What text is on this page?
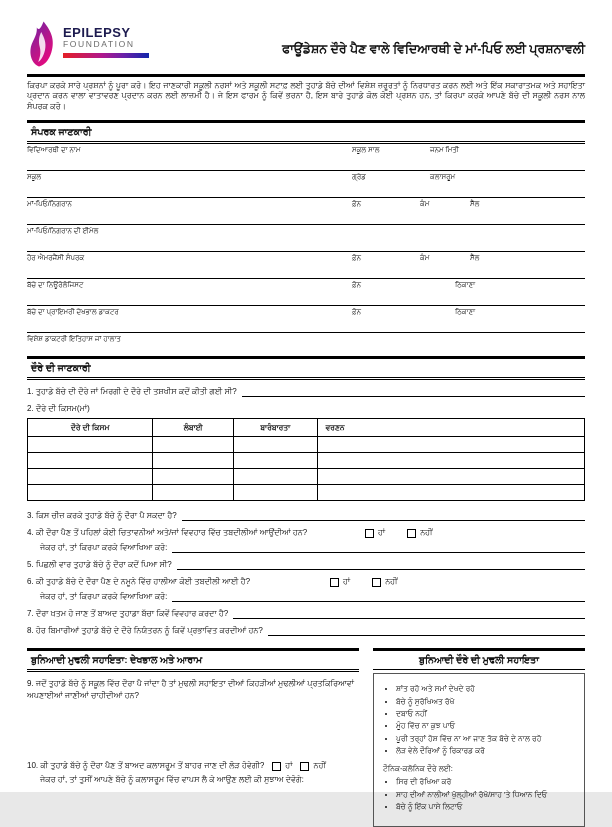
EPILEPSY
FOUNDATION	ਫਾਊਂਡੇਸ਼ਨ ਦੌਰੇ ਪੈਣ ਵਾਲੇ ਵਿਦਿਆਰਥੀ ਦੇ ਮਾਂ-ਪਿਓ ਲਈ ਪ੍ਰਸ਼ਨਾਵਲੀ

ਕਿਰਪਾ ਕਰਕੇ ਸਾਰੇ ਪ੍ਰਸ਼ਨਾਂ ਨੂੰ ਪੂਰਾ ਕਰੋ। ਇਹ ਜਾਣਕਾਰੀ ਸਕੂਲੀ ਨਰਸਾਂ ਅਤੇ ਸਕੂਲੀ ਸਟਾਫ਼ ਲਈ ਤੁਹਾਡੇ ਬੱਚੇ ਦੀਆਂ ਵਿਸ਼ੇਸ਼ ਜ਼ਰੂਰਤਾਂ ਨੂੰ ਨਿਰਧਾਰਤ ਕਰਨ ਲਈ ਅਤੇ ਇੱਕ ਸਕਾਰਾਤਮਕ ਅਤੇ ਸਹਾਇਤਾ ਪ੍ਰਦਾਨ ਕਰਨ ਵਾਲਾ ਵਾਤਾਵਰਣ ਪ੍ਰਦਾਨ ਕਰਨ ਲਈ ਲਾਜ਼ਮੀ ਹੈ। ਜੇ ਇਸ ਫਾਰਮ ਨੂੰ ਕਿਵੇਂ ਭਰਨਾ ਹੈ, ਇਸ ਬਾਰੇ ਤੁਹਾਡੇ ਕੋਲ ਕੋਈ ਪ੍ਰਸ਼ਨ ਹਨ, ਤਾਂ ਕਿਰਪਾ ਕਰਕੇ ਆਪਣੇ ਬੱਚੇ ਦੀ ਸਕੂਲੀ ਨਰਸ ਨਾਲ ਸੰਪਰਕ ਕਰੋ।

ਸੰਪਰਕ ਜਾਣਕਾਰੀ
ਵਿਦਿਆਰਥੀ ਦਾ ਨਾਮ	ਸਕੂਲ ਸਾਲ	ਜਨਮ ਮਿਤੀ
ਸਕੂਲ	ਗ੍ਰੇਡ	ਕਲਾਸਰੂਮ
ਮਾਂ-ਪਿਓ/ਨਿਗਰਾਨ	ਫ਼ੋਨ	ਕੰਮ	ਸੈੱਲ
ਮਾਂ-ਪਿਓ/ਨਿਗਰਾਨ ਦੀ ਈਮੇਲ
ਹੋਰ ਐਮਰਜੈਂਸੀ ਸੰਪਰਕ	ਫ਼ੋਨ	ਕੰਮ	ਸੈੱਲ
ਬੱਚੇ ਦਾ ਨਿਊਰੋਲੋਜਿਸਟ	ਫ਼ੋਨ	ਠਿਕਾਣਾ
ਬੱਚੇ ਦਾ ਪ੍ਰਾਇਮਰੀ ਦੇਖਭਾਲ ਡਾਕਟਰ	ਫ਼ੋਨ	ਠਿਕਾਣਾ
ਵਿਸ਼ੇਸ਼ ਡਾਕਟਰੀ ਇਤਿਹਾਸ ਜਾਂ ਹਾਲਾਤ
ਦੌਰੇ ਦੀ ਜਾਣਕਾਰੀ
1. ਤੁਹਾਡੇ ਬੱਚੇ ਦੀ ਦੌਰੇ ਜਾਂ ਮਿਰਗੀ ਦੇ ਦੌਰੇ ਦੀ ਤਸ਼ਖੀਸ ਕਦੋਂ ਕੀਤੀ ਗਈ ਸੀ?
2. ਦੌਰੇ ਦੀ ਕਿਸਮ(ਮਾਂ)
ਦੌਰੇ ਦੀ ਕਿਸਮ	ਲੰਬਾਈ	ਬਾਰੰਬਾਰਤਾ	ਵਰਣਨ

3. ਕਿਸ ਚੀਜ਼ ਕਰਕੇ ਤੁਹਾਡੇ ਬੱਚੇ ਨੂੰ ਦੌਰਾ ਪੈ ਸਕਦਾ ਹੈ?
4. ਕੀ ਦੌਰਾ ਪੈਣ ਤੋਂ ਪਹਿਲਾਂ ਕੋਈ ਚਿਤਾਵਨੀਆਂ ਅਤੇ/ਜਾਂ ਵਿਵਹਾਰ ਵਿੱਚ ਤਬਦੀਲੀਆਂ ਆਉਂਦੀਆਂ ਹਨ?	ਹਾਂ	ਨਹੀਂ
ਜੇਕਰ ਹਾਂ, ਤਾਂ ਕਿਰਪਾ ਕਰਕੇ ਵਿਆਖਿਆ ਕਰੋ:
5. ਪਿਛਲੀ ਵਾਰ ਤੁਹਾਡੇ ਬੱਚੇ ਨੂੰ ਦੌਰਾ ਕਦੋਂ ਪਿਆ ਸੀ?
6. ਕੀ ਤੁਹਾਡੇ ਬੱਚੇ ਦੇ ਦੌਰਾ ਪੈਣ ਦੇ ਨਮੂਨੇ ਵਿੱਚ ਹਾਲੀਆ ਕੋਈ ਤਬਦੀਲੀ ਆਈ ਹੈ?	ਹਾਂ	ਨਹੀਂ
ਜੇਕਰ ਹਾਂ, ਤਾਂ ਕਿਰਪਾ ਕਰਕੇ ਵਿਆਖਿਆ ਕਰੋ:
7. ਦੌਰਾ ਖ਼ਤਮ ਹੋ ਜਾਣ ਤੋਂ ਬਾਅਦ ਤੁਹਾਡਾ ਬੱਚਾ ਕਿਵੇਂ ਵਿਵਹਾਰ ਕਰਦਾ ਹੈ?
8. ਹੋਰ ਬਿਮਾਰੀਆਂ ਤੁਹਾਡੇ ਬੱਚੇ ਦੇ ਦੌਰੇ ਨਿਯੰਤਰਨ ਨੂੰ ਕਿਵੇਂ ਪ੍ਰਭਾਵਿਤ ਕਰਦੀਆਂ ਹਨ?
ਬੁਨਿਆਦੀ ਮੁਢਲੀ ਸਹਾਇਤਾ: ਦੇਖਭਾਲ ਅਤੇ ਆਰਾਮ
9. ਜਦੋਂ ਤੁਹਾਡੇ ਬੱਚੇ ਨੂੰ ਸਕੂਲ ਵਿੱਚ ਦੌਰਾ ਪੈ ਜਾਂਦਾ ਹੈ ਤਾਂ ਮੁਢਲੀ ਸਹਾਇਤਾ ਦੀਆਂ ਕਿਹੜੀਆਂ ਮੁਢਲੀਆਂ ਪ੍ਰਤਕਿਰਿਆਵਾਂ ਅਪਣਾਈਆਂ ਜਾਣੀਆਂ ਚਾਹੀਦੀਆਂ ਹਨ?
10. ਕੀ ਤੁਹਾਡੇ ਬੱਚੇ ਨੂੰ ਦੌਰਾ ਪੈਣ ਤੋਂ ਬਾਅਦ ਕਲਾਸਰੂਮ ਤੋਂ ਬਾਹਰ ਜਾਣ ਦੀ ਲੋੜ ਹੋਵੇਗੀ?	ਹਾਂ	ਨਹੀਂ
ਜੇਕਰ ਹਾਂ, ਤਾਂ ਤੁਸੀਂ ਆਪਣੇ ਬੱਚੇ ਨੂੰ ਕਲਾਸਰੂਮ ਵਿੱਚ ਵਾਪਸ ਲੈ ਕੇ ਆਉਣ ਲਈ ਕੀ ਸੁਝਾਅ ਦੇਵੋਗੇ:
ਬੁਨਿਆਦੀ ਦੌਰੇ ਦੀ ਮੁਢਲੀ ਸਹਾਇਤਾ
• ਸ਼ਾਂਤ ਰਹੋ ਅਤੇ ਸਮਾਂ ਦੇਖਦੇ ਰਹੋ
• ਬੱਚੇ ਨੂੰ ਸੁਰੱਖਿਅਤ ਰੱਖੋ
• ਦਬਾਓ ਨਹੀਂ
• ਮੂੰਹ ਵਿੱਚ ਨਾ ਕੁਝ ਪਾਓ
• ਪੂਰੀ ਤਰ੍ਹਾਂ ਹੋਸ਼ ਵਿੱਚ ਨਾ ਆ ਜਾਣ ਤੱਕ ਬੱਚੇ ਦੇ ਨਾਲ ਰਹੋ
• ਲੋੜ ਵੇਲੇ ਦੌਰਿਆਂ ਨੂੰ ਰਿਕਾਰਡ ਕਰੋ
ਟੌਨਿਕ-ਕਲੋਨਿਕ ਦੌਰੇ ਲਈ:
• ਸਿਰ ਦੀ ਰੱਖਿਆ ਕਰੋ
• ਸਾਹ ਦੀਆਂ ਨਾਲੀਆਂ ਖੁੱਲ੍ਹੀਆਂ ਰੱਖੋ/ਸਾਹ 'ਤੇ ਧਿਆਨ ਦਿਓ
• ਬੱਚੇ ਨੂੰ ਇੱਕ ਪਾਸੇ ਲਿਟਾਓ
